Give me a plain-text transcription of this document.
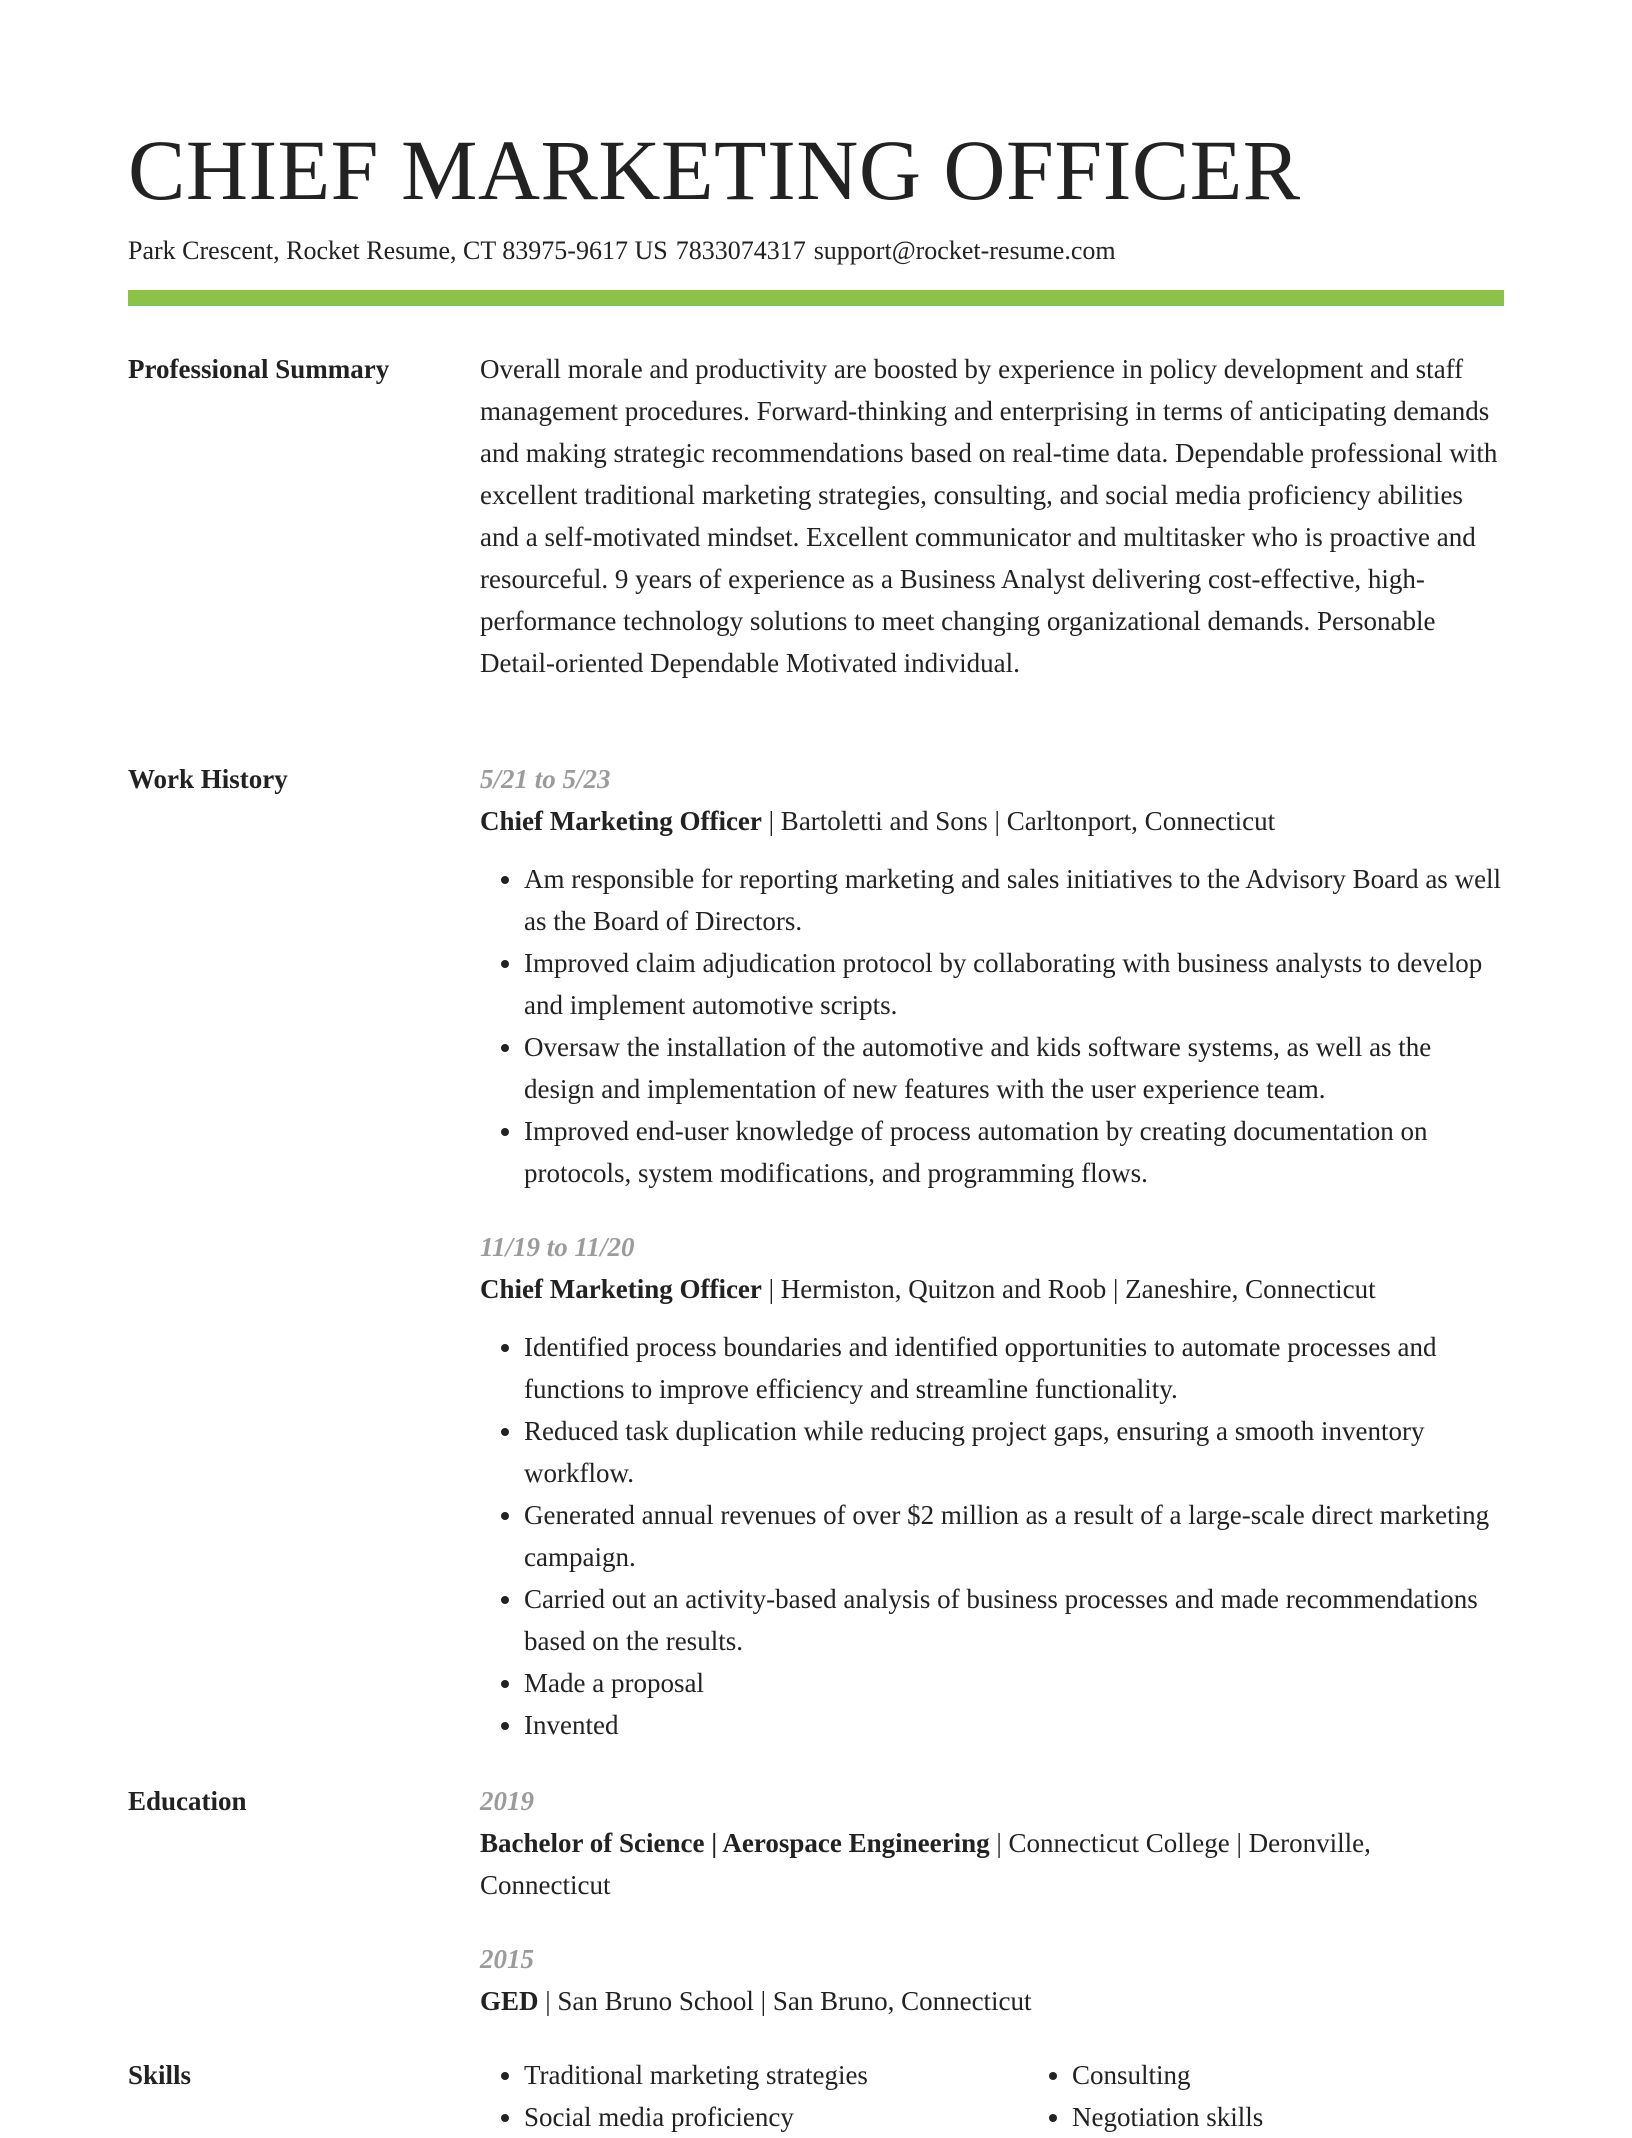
CHIEF MARKETING OFFICER
Park Crescent, Rocket Resume, CT 83975-9617 US 7833074317 support@rocket-resume.com
Professional Summary	Overall morale and productivity are boosted by experience in policy development and staff management procedures. Forward-thinking and enterprising in terms of anticipating demands and making strategic recommendations based on real-time data. Dependable professional with excellent traditional marketing strategies, consulting, and social media proficiency abilities and a self-motivated mindset. Excellent communicator and multitasker who is proactive and resourceful. 9 years of experience as a Business Analyst delivering cost-effective, high-performance technology solutions to meet changing organizational demands. Personable Detail-oriented Dependable Motivated individual.

Work History	5/21 to 5/23
Chief Marketing Officer | Bartoletti and Sons | Carltonport, Connecticut
• Am responsible for reporting marketing and sales initiatives to the Advisory Board as well as the Board of Directors.
• Improved claim adjudication protocol by collaborating with business analysts to develop and implement automotive scripts.
• Oversaw the installation of the automotive and kids software systems, as well as the design and implementation of new features with the user experience team.
• Improved end-user knowledge of process automation by creating documentation on protocols, system modifications, and programming flows.
11/19 to 11/20
Chief Marketing Officer | Hermiston, Quitzon and Roob | Zaneshire, Connecticut
• Identified process boundaries and identified opportunities to automate processes and functions to improve efficiency and streamline functionality.
• Reduced task duplication while reducing project gaps, ensuring a smooth inventory workflow.
• Generated annual revenues of over $2 million as a result of a large-scale direct marketing campaign.
• Carried out an activity-based analysis of business processes and made recommendations based on the results.
• Made a proposal
• Invented
Education	2019
Bachelor of Science | Aerospace Engineering | Connecticut College | Deronville, Connecticut
2015
GED | San Bruno School | San Bruno, Connecticut
Skills
•	Traditional marketing strategies
• Social media proficiency
• Consulting
• Negotiation skills
